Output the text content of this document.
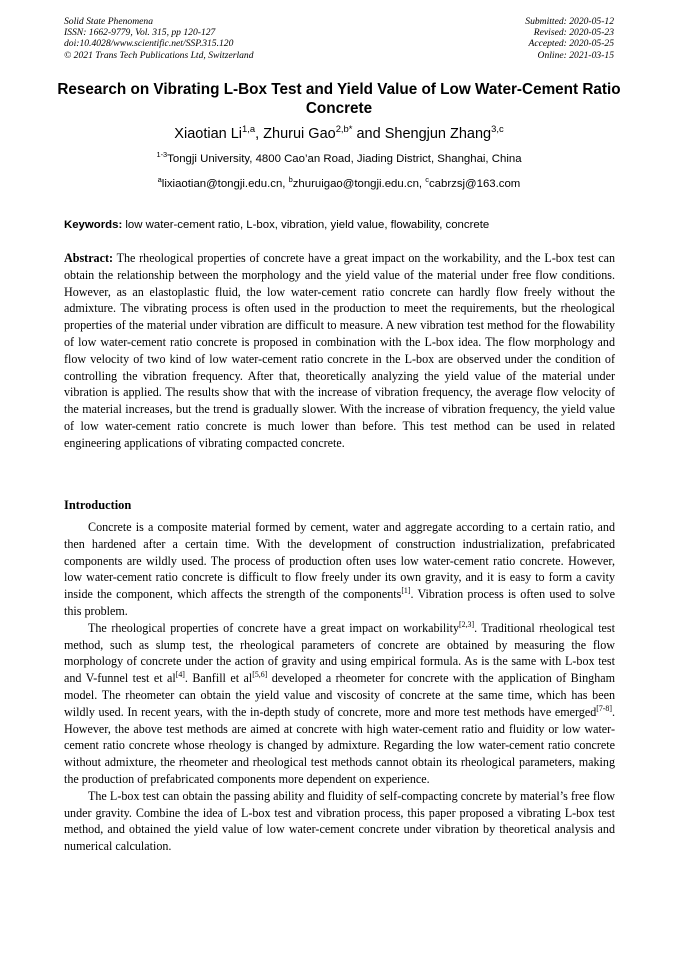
Solid State Phenomena
ISSN: 1662-9779, Vol. 315, pp 120-127
doi:10.4028/www.scientific.net/SSP.315.120
© 2021 Trans Tech Publications Ltd, Switzerland
Submitted: 2020-05-12
Revised: 2020-05-23
Accepted: 2020-05-25
Online: 2021-03-15
Research on Vibrating L-Box Test and Yield Value of Low Water-Cement Ratio Concrete
Xiaotian Li$^{1,a}$, Zhurui Gao$^{2,b*}$ and Shengjun Zhang$^{3,c}$
$^{1-3}$Tongji University, 4800 Cao’an Road, Jiading District, Shanghai, China
$^a$lixiaotian@tongji.edu.cn, $^b$zhuruigao@tongji.edu.cn, $^c$cabrzsj@163.com
Keywords: low water-cement ratio, L-box, vibration, yield value, flowability, concrete
Abstract: The rheological properties of concrete have a great impact on the workability, and the L-box test can obtain the relationship between the morphology and the yield value of the material under free flow conditions. However, as an elastoplastic fluid, the low water-cement ratio concrete can hardly flow freely without the admixture. The vibrating process is often used in the production to meet the requirements, but the rheological properties of the material under vibration are difficult to measure. A new vibration test method for the flowability of low water-cement ratio concrete is proposed in combination with the L-box idea. The flow morphology and flow velocity of two kind of low water-cement ratio concrete in the L-box are observed under the condition of controlling the vibration frequency. After that, theoretically analyzing the yield value of the material under vibration is applied. The results show that with the increase of vibration frequency, the average flow velocity of the material increases, but the trend is gradually slower. With the increase of vibration frequency, the yield value of low water-cement ratio concrete is much lower than before. This test method can be used in related engineering applications of vibrating compacted concrete.
Introduction

Concrete is a composite material formed by cement, water and aggregate according to a certain ratio, and then hardened after a certain time. With the development of construction industrialization, prefabricated components are wildly used. The process of production often uses low water-cement ratio concrete. However, low water-cement ratio concrete is difficult to flow freely under its own gravity, and it is easy to form a cavity inside the component, which affects the strength of the components[1]. Vibration process is often used to solve this problem.

The rheological properties of concrete have a great impact on workability[2,3]. Traditional rheological test method, such as slump test, the rheological parameters of concrete are obtained by measuring the flow morphology of concrete under the action of gravity and using empirical formula. As is the same with L-box test and V-funnel test et al[4]. Banfill et al[5,6] developed a rheometer for concrete with the application of Bingham model. The rheometer can obtain the yield value and viscosity of concrete at the same time, which has been wildly used. In recent years, with the in-depth study of concrete, more and more test methods have emerged[7-8]. However, the above test methods are aimed at concrete with high water-cement ratio and fluidity or low water-cement ratio concrete whose rheology is changed by admixture. Regarding the low water-cement ratio concrete without admixture, the rheometer and rheological test methods cannot obtain its rheological parameters, making the production of prefabricated components more dependent on experience.

The L-box test can obtain the passing ability and fluidity of self-compacting concrete by material’s free flow under gravity. Combine the idea of L-box test and vibration process, this paper proposed a vibrating L-box test method, and obtained the yield value of low water-cement concrete under vibration by theoretical analysis and numerical calculation.
